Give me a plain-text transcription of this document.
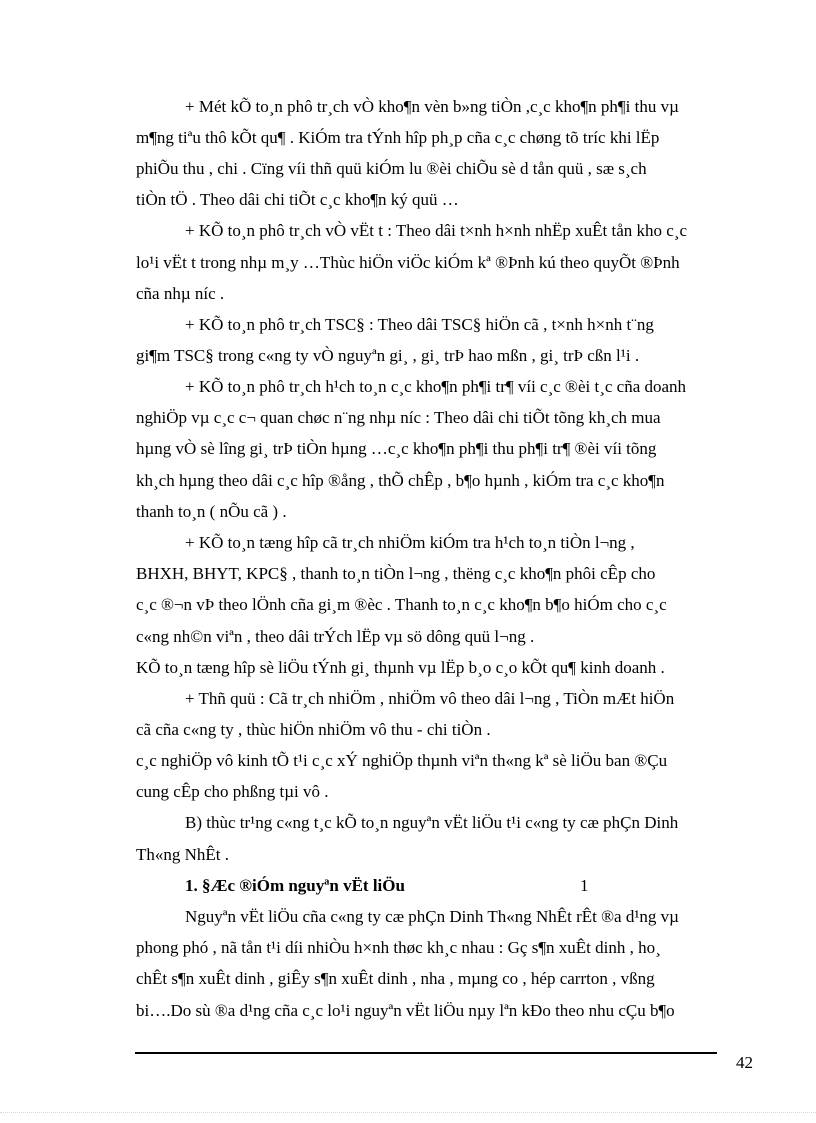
+ Mét kÕ to¸n phô tr¸ch vÒ kho¶n vèn b»ng tiÒn ,c¸c kho¶n ph¶i thu vµ
m¶ng tiªu thô kÕt qu¶ . KiÓm tra tÝnh hîp ph¸p cña c¸c chøng tõ tríc khi lËp
phiÕu thu , chi . Cïng víi thñ quü kiÓm lu ®èi chiÕu sè d tån quü , sæ s¸ch
tiÒn tÖ . Theo dâi chi tiÕt c¸c kho¶n ký quü …
+ KÕ to¸n phô tr¸ch vÒ vËt t : Theo dâi t×nh h×nh nhËp xuÊt tån kho c¸c
lo¹i vËt t trong nhµ m¸y …Thùc hiÖn viÖc kiÓm kª ®Þnh kú theo quyÕt ®Þnh
cña nhµ níc .
+ KÕ to¸n phô tr¸ch TSC§ : Theo dâi TSC§ hiÖn cã , t×nh h×nh t¨ng
gi¶m TSC§ trong c«ng ty vÒ nguyªn gi¸ , gi¸ trÞ hao mßn , gi¸ trÞ cßn l¹i .
+ KÕ to¸n phô tr¸ch h¹ch to¸n c¸c kho¶n ph¶i tr¶ víi c¸c ®èi t¸c cña doanh
nghiÖp vµ c¸c c¬ quan chøc n¨ng nhµ níc : Theo dâi chi tiÕt tõng kh¸ch mua
hµng vÒ sè lîng gi¸ trÞ tiÒn hµng …c¸c kho¶n ph¶i thu ph¶i tr¶ ®èi víi tõng
kh¸ch hµng theo dâi c¸c hîp ®ång , thÕ chÊp , b¶o hµnh , kiÓm tra c¸c kho¶n
thanh to¸n ( nÕu cã ) .
+ KÕ to¸n tæng hîp cã tr¸ch nhiÖm kiÓm tra h¹ch to¸n tiÒn l¬ng ,
BHXH, BHYT, KPC§ , thanh to¸n tiÒn l¬ng , thëng c¸c kho¶n phôi cÊp cho
c¸c ®¬n vÞ theo lÖnh cña gi¸m ®èc . Thanh to¸n c¸c kho¶n b¶o hiÓm cho c¸c
c«ng nh©n viªn , theo dâi trÝch lËp vµ sö dông quü l¬ng .
KÕ to¸n tæng hîp sè liÖu tÝnh gi¸ thµnh vµ lËp b¸o c¸o kÕt qu¶ kinh doanh .
+ Thñ quü : Cã tr¸ch nhiÖm , nhiÖm vô theo dâi l¬ng , TiÒn mÆt hiÖn
cã cña c«ng ty , thùc hiÖn nhiÖm vô thu - chi tiÒn .
c¸c nghiÖp vô kinh tÕ t¹i c¸c xÝ nghiÖp thµnh viªn th«ng kª sè liÖu ban ®Çu
cung cÊp cho phßng tµi vô .
B) thùc tr¹ng c«ng t¸c kÕ to¸n nguyªn vËt liÖu t¹i c«ng ty cæ phÇn Dinh
Th«ng NhÊt .
1. §Æc ®iÓm nguyªn vËt liÖu	1
Nguyªn vËt liÖu cña c«ng ty cæ phÇn Dinh Th«ng NhÊt rÊt ®a d¹ng vµ
phong phó , nã tån t¹i díi nhiÒu h×nh thøc kh¸c nhau : Gç s¶n xuÊt dinh , ho¸
chÊt s¶n xuÊt dinh , giÊy s¶n xuÊt dinh , nha , mµng co , hép carrton , vßng
bi….Do sù ®a d¹ng cña c¸c lo¹i nguyªn vËt liÖu nµy lªn kÐo theo nhu cÇu b¶o
42
